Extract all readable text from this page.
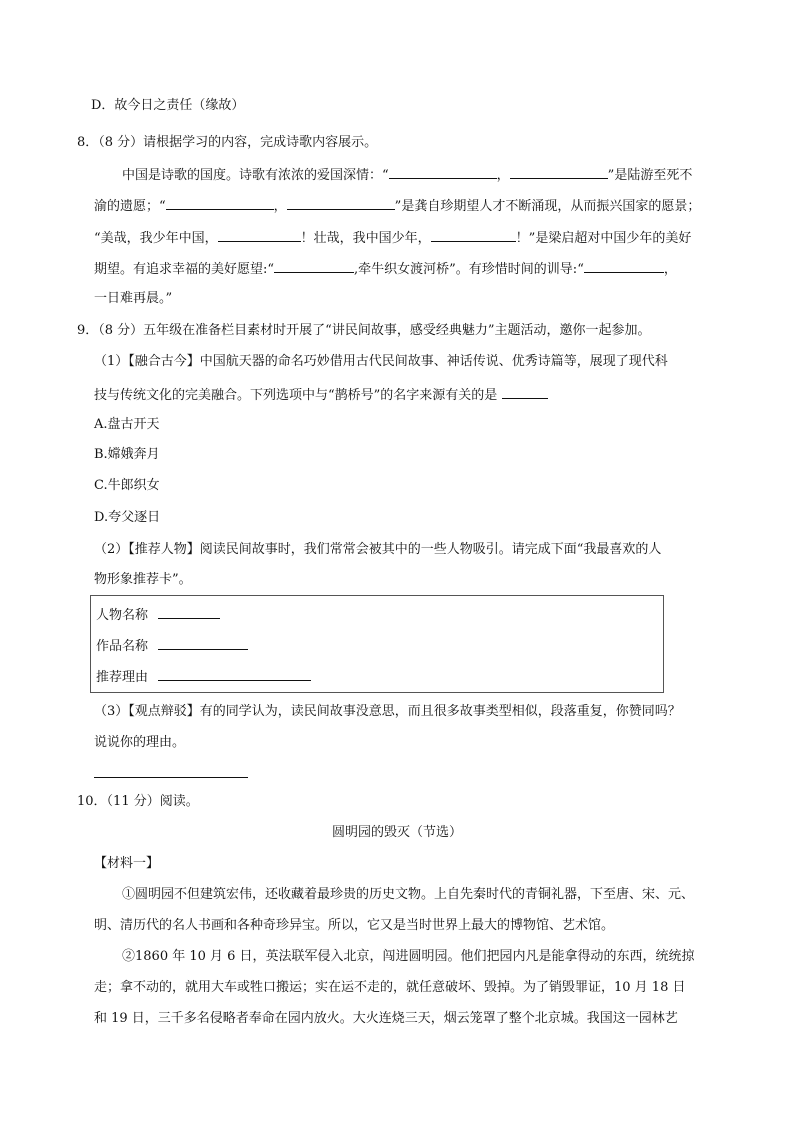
D．故今日之责任（缘故）
8．（8 分）请根据学习的内容，完成诗歌内容展示。
中国是诗歌的国度。诗歌有浓浓的爱国深情：“	，	”是陆游至死不
渝的遗愿；“	，	”是龚自珍期望人才不断涌现，从而振兴国家的愿景；
“美哉，我少年中国，	！壮哉，我中国少年，	！”是梁启超对中国少年的美好
期望。有追求幸福的美好愿望:“	,牵牛织女渡河桥”。有珍惜时间的训导:“	，
一日难再晨。”
9．（8 分）五年级在准备栏目素材时开展了“讲民间故事，感受经典魅力”主题活动，邀你一起参加。
（1）【融合古今】中国航天器的命名巧妙借用古代民间故事、神话传说、优秀诗篇等，展现了现代科
技与传统文化的完美融合。下列选项中与“鹊桥号”的名字来源有关的是
A.盘古开天
B.嫦娥奔月
C.牛郎织女
D.夸父逐日
（2）【推荐人物】阅读民间故事时，我们常常会被其中的一些人物吸引。请完成下面“我最喜欢的人
物形象推荐卡”。
人物名称
作品名称
推荐理由
（3）【观点辩驳】有的同学认为，读民间故事没意思，而且很多故事类型相似，段落重复，你赞同吗？
说说你的理由。
10．（11 分）阅读。
圆明园的毁灭（节选）
【材料一】
①圆明园不但建筑宏伟，还收藏着最珍贵的历史文物。上自先秦时代的青铜礼器，下至唐、宋、元、
明、清历代的名人书画和各种奇珍异宝。所以，它又是当时世界上最大的博物馆、艺术馆。
②1860 年 10 月 6 日，英法联军侵入北京，闯进圆明园。他们把园内凡是能拿得动的东西，统统掠
走；拿不动的，就用大车或牲口搬运；实在运不走的，就任意破坏、毁掉。为了销毁罪证，10 月 18 日
和 19 日，三千多名侵略者奉命在园内放火。大火连烧三天，烟云笼罩了整个北京城。我国这一园林艺
